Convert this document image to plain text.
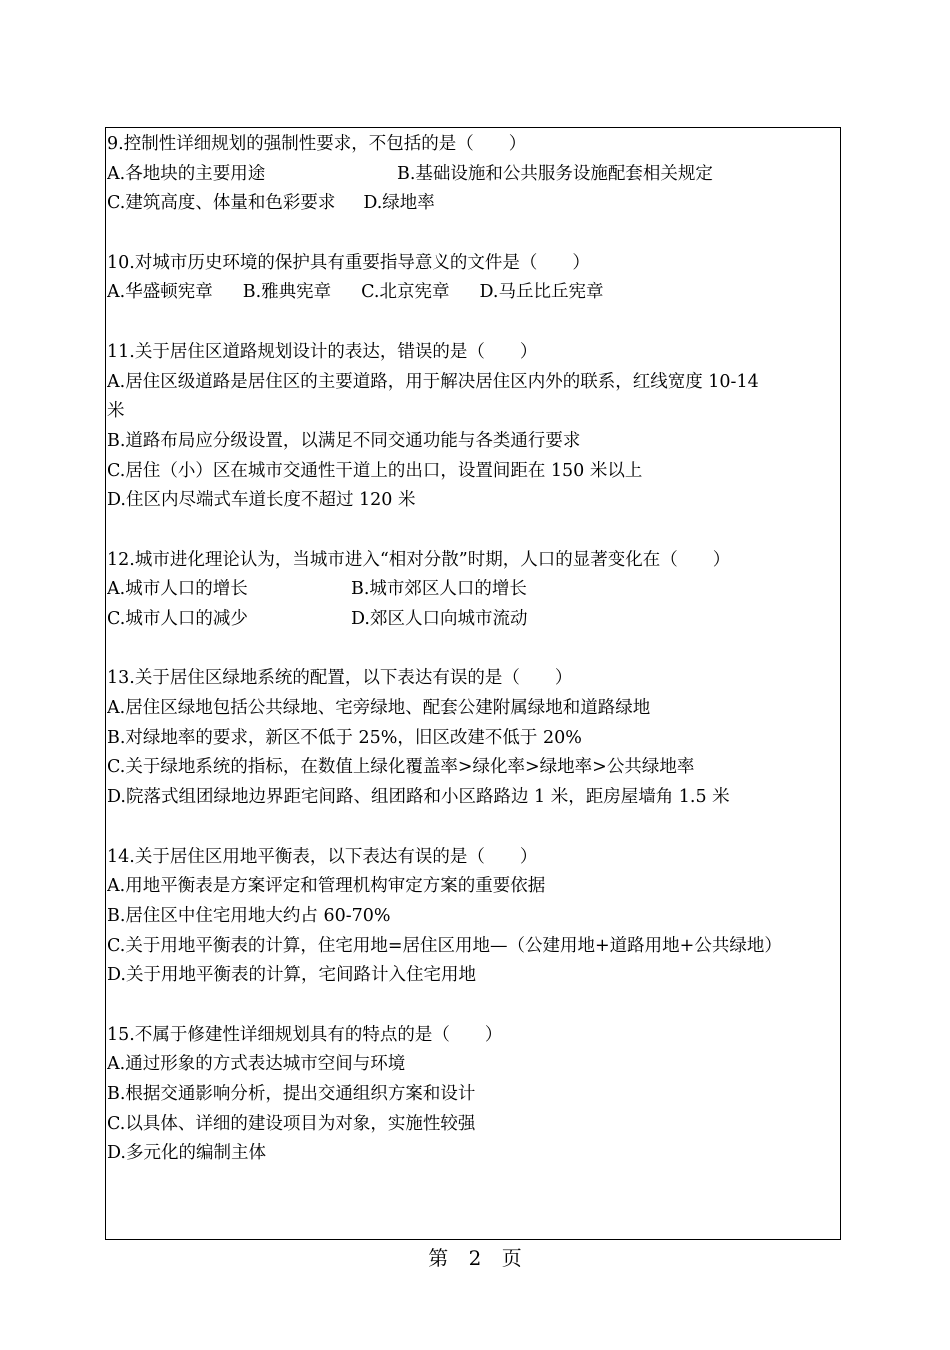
9.控制性详细规划的强制性要求，不包括的是（　　）
A.各地块的主要用途	B.基础设施和公共服务设施配套相关规定
C.建筑高度、体量和色彩要求 D.绿地率
10.对城市历史环境的保护具有重要指导意义的文件是（　　）
A.华盛顿宪章 B.雅典宪章 C.北京宪章 D.马丘比丘宪章
11.关于居住区道路规划设计的表达，错误的是（　　）
A.居住区级道路是居住区的主要道路，用于解决居住区内外的联系，红线宽度 10-14
米
B.道路布局应分级设置，以满足不同交通功能与各类通行要求
C.居住（小）区在城市交通性干道上的出口，设置间距在 150 米以上
D.住区内尽端式车道长度不超过 120 米
12.城市进化理论认为，当城市进入“相对分散”时期，人口的显著变化在（　　）
A.城市人口的增长	B.城市郊区人口的增长
C.城市人口的减少	D.郊区人口向城市流动
13.关于居住区绿地系统的配置，以下表达有误的是（　　）
A.居住区绿地包括公共绿地、宅旁绿地、配套公建附属绿地和道路绿地
B.对绿地率的要求，新区不低于 25%，旧区改建不低于 20%
C.关于绿地系统的指标，在数值上绿化覆盖率>绿化率>绿地率>公共绿地率
D.院落式组团绿地边界距宅间路、组团路和小区路路边 1 米，距房屋墙角 1.5 米
14.关于居住区用地平衡表，以下表达有误的是（　　）
A.用地平衡表是方案评定和管理机构审定方案的重要依据
B.居住区中住宅用地大约占 60-70%
C.关于用地平衡表的计算，住宅用地=居住区用地—（公建用地+道路用地+公共绿地）
D.关于用地平衡表的计算，宅间路计入住宅用地
15.不属于修建性详细规划具有的特点的是（　　）
A.通过形象的方式表达城市空间与环境
B.根据交通影响分析，提出交通组织方案和设计
C.以具体、详细的建设项目为对象，实施性较强
D.多元化的编制主体
第 2 页
